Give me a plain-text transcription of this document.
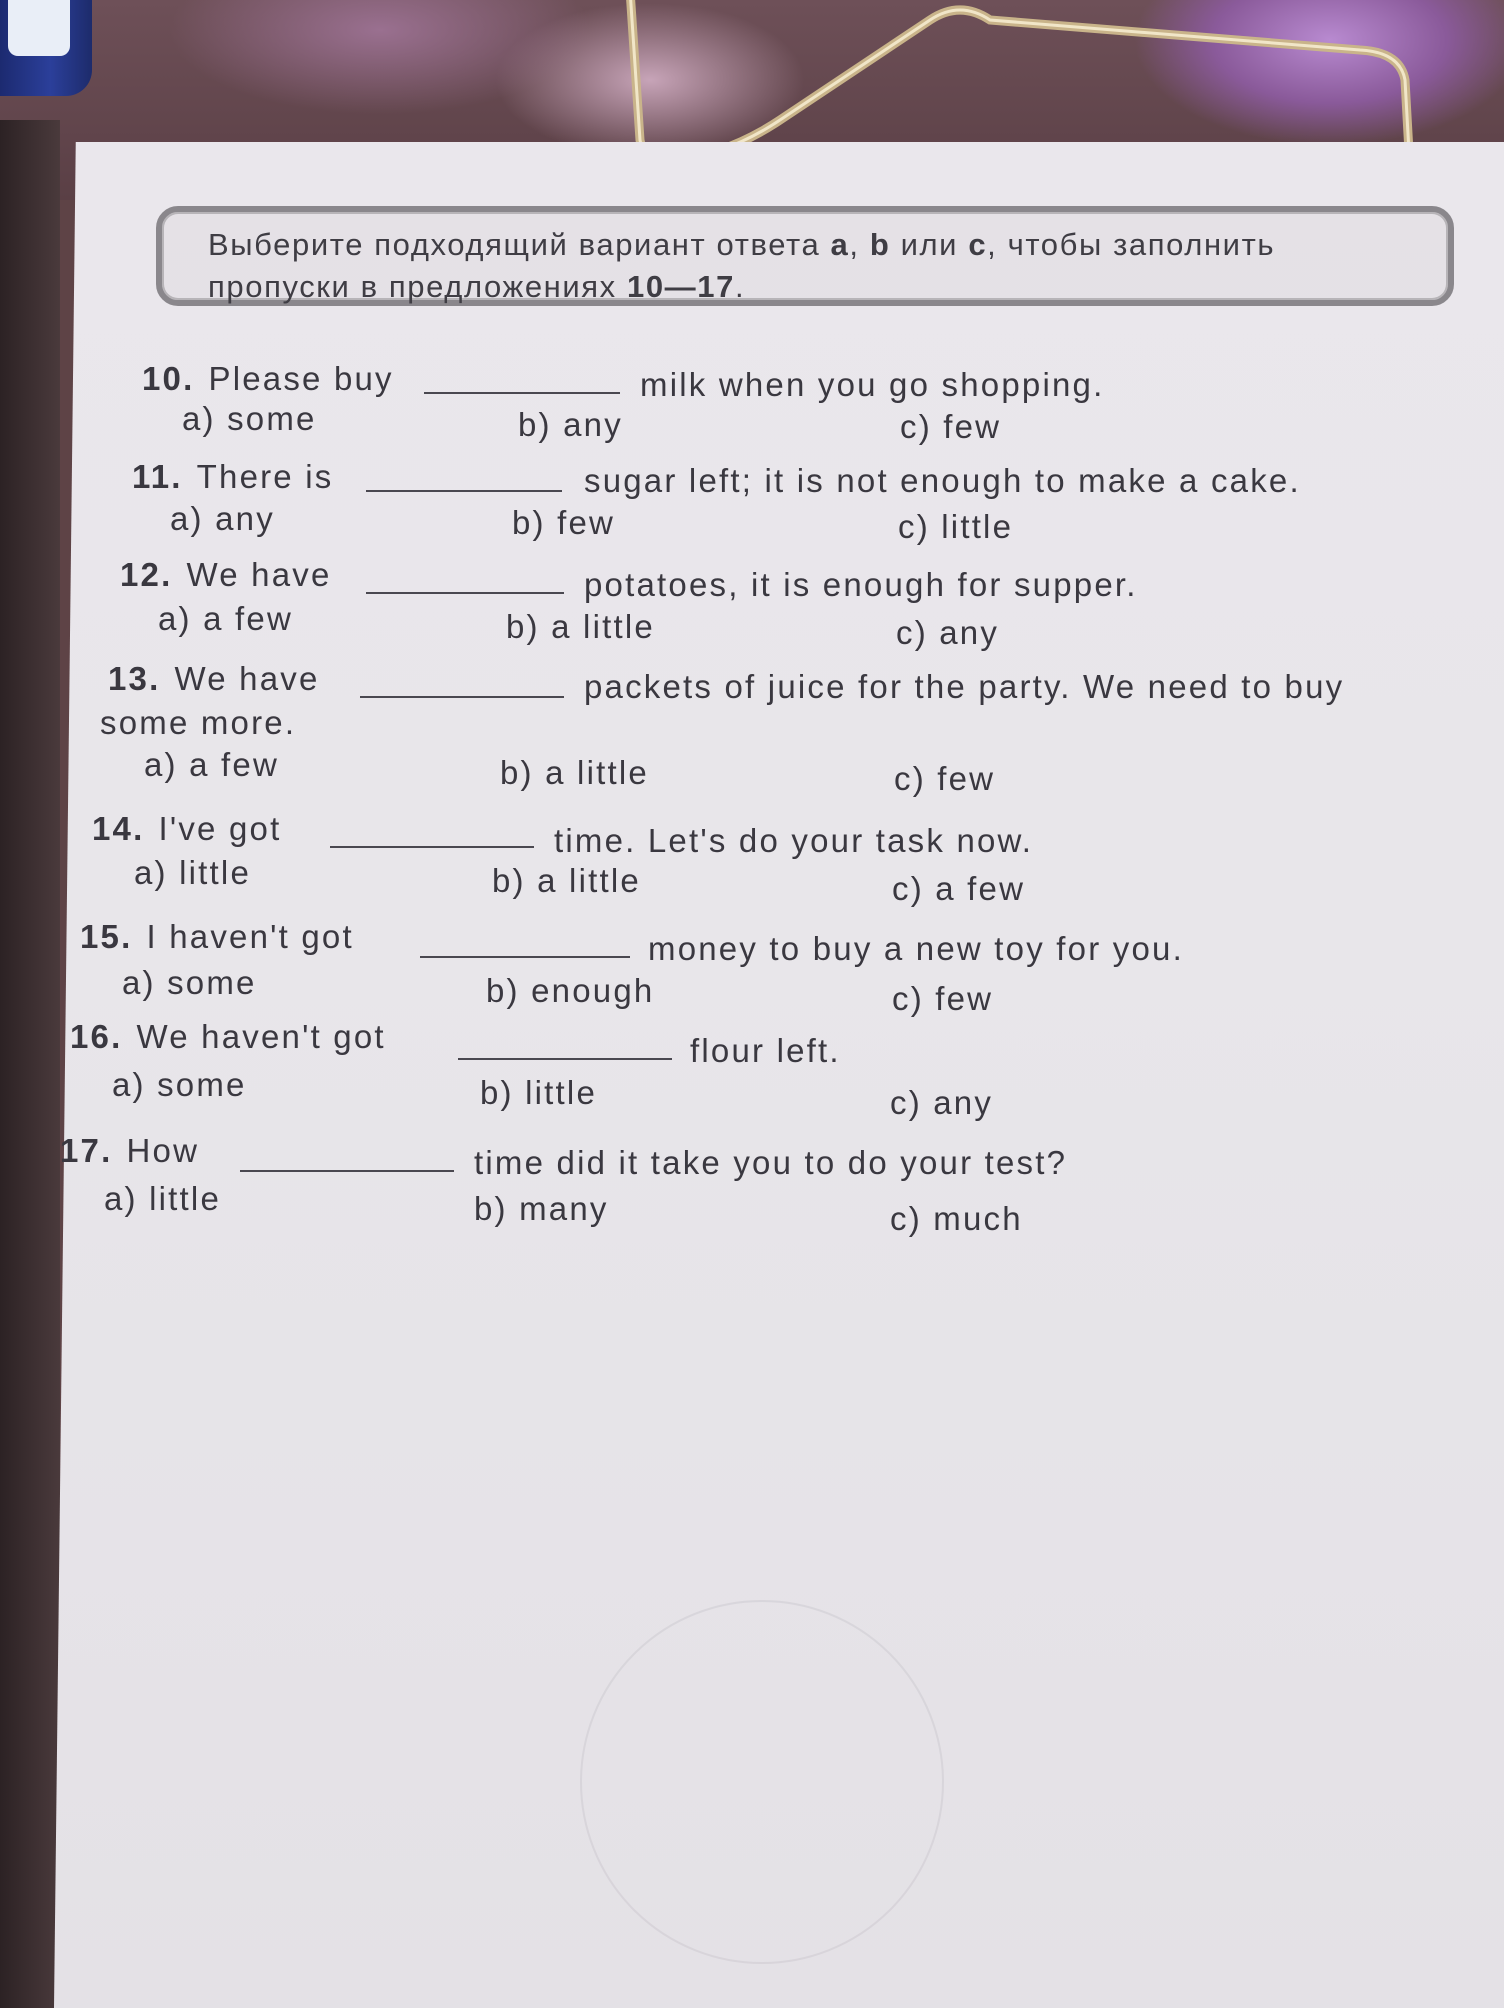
Выберите подходящий вариант ответа a, b или c, чтобы заполнить
пропуски в предложениях 10—17.

10. Please buy	milk when you go shopping.
a) some	b) any	c) few
11. There is	sugar left; it is not enough to make a cake.
a) any	b) few	c) little
12. We have	potatoes, it is enough for supper.
a) a few	b) a little	c) any
13. We have	packets of juice for the party. We need to buy
some more.
a) a few	b) a little	c) few
14. I've got	time. Let's do your task now.
a) little	b) a little	c) a few
15. I haven't got	money to buy a new toy for you.
a) some	b) enough	c) few
16. We haven't got	flour left.
a) some	b) little	c) any
17. How	time did it take you to do your test?
a) little	b) many	c) much
